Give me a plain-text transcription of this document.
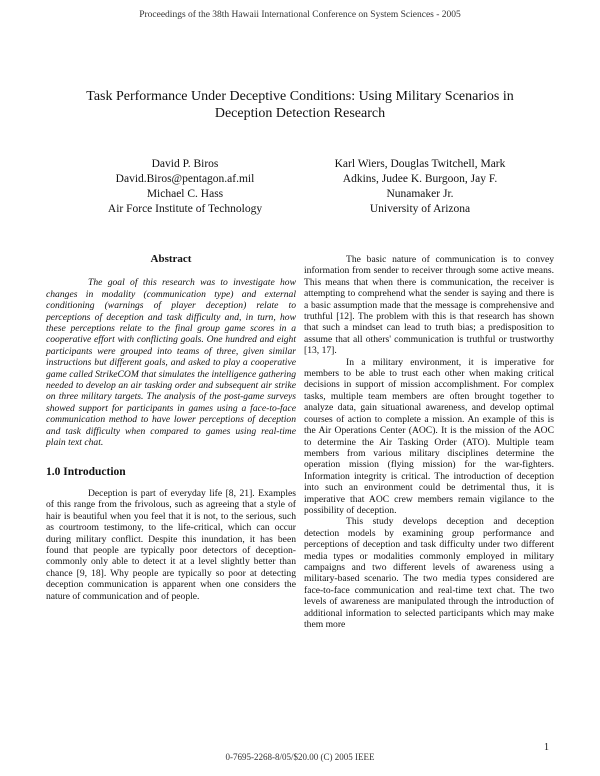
Proceedings of the 38th Hawaii International Conference on System Sciences - 2005
Task Performance Under Deceptive Conditions: Using Military Scenarios in
Deception Detection Research
David P. Biros
David.Biros@pentagon.af.mil
Michael C. Hass
Air Force Institute of Technology
Karl Wiers, Douglas Twitchell, Mark
Adkins, Judee K. Burgoon, Jay F.
Nunamaker Jr.
University of Arizona
Abstract

The goal of this research was to investigate how changes in modality (communication type) and external conditioning (warnings of player deception) relate to perceptions of deception and task difficulty and, in turn, how these perceptions relate to the final group game scores in a cooperative effort with conflicting goals. One hundred and eight participants were grouped into teams of three, given similar instructions but different goals, and asked to play a cooperative game called StrikeCOM that simulates the intelligence gathering needed to develop an air tasking order and subsequent air strike on three military targets. The analysis of the post-game surveys showed support for participants in games using a face-to-face communication method to have lower perceptions of deception and task difficulty when compared to games using real-time plain text chat.

1.0 Introduction

Deception is part of everyday life [8, 21]. Examples of this range from the frivolous, such as agreeing that a style of hair is beautiful when you feel that it is not, to the serious, such as courtroom testimony, to the life-critical, which can occur during military conflict. Despite this inundation, it has been found that people are typically poor detectors of deception- commonly only able to detect it at a level slightly better than chance [9, 18]. Why people are typically so poor at detecting deception communication is apparent when one considers the nature of communication and of people.

The basic nature of communication is to convey information from sender to receiver through some active means. This means that when there is communication, the receiver is attempting to comprehend what the sender is saying and there is a basic assumption made that the message is comprehensive and truthful [12]. The problem with this is that research has shown that such a mindset can lead to truth bias; a predisposition to assume that all others' communication is truthful or trustworthy [13, 17].

In a military environment, it is imperative for members to be able to trust each other when making critical decisions in support of mission accomplishment. For complex tasks, multiple team members are often brought together to analyze data, gain situational awareness, and develop optimal courses of action to complete a mission. An example of this is the Air Operations Center (AOC). It is the mission of the AOC to determine the Air Tasking Order (ATO). Multiple team members from various military disciplines determine the operation mission (flying mission) for the war-fighters. Information integrity is critical. The introduction of deception into such an environment could be detrimental thus, it is imperative that AOC crew members remain vigilance to the possibility of deception.

This study develops deception and deception detection models by examining group performance and perceptions of deception and task difficulty under two different media types or modalities commonly employed in military campaigns and two different levels of awareness using a military-based scenario. The two media types considered are face-to-face communication and real-time text chat. The two levels of awareness are manipulated through the introduction of additional information to selected participants which may make them more

0-7695-2268-8/05/$20.00 (C) 2005 IEEE
1
